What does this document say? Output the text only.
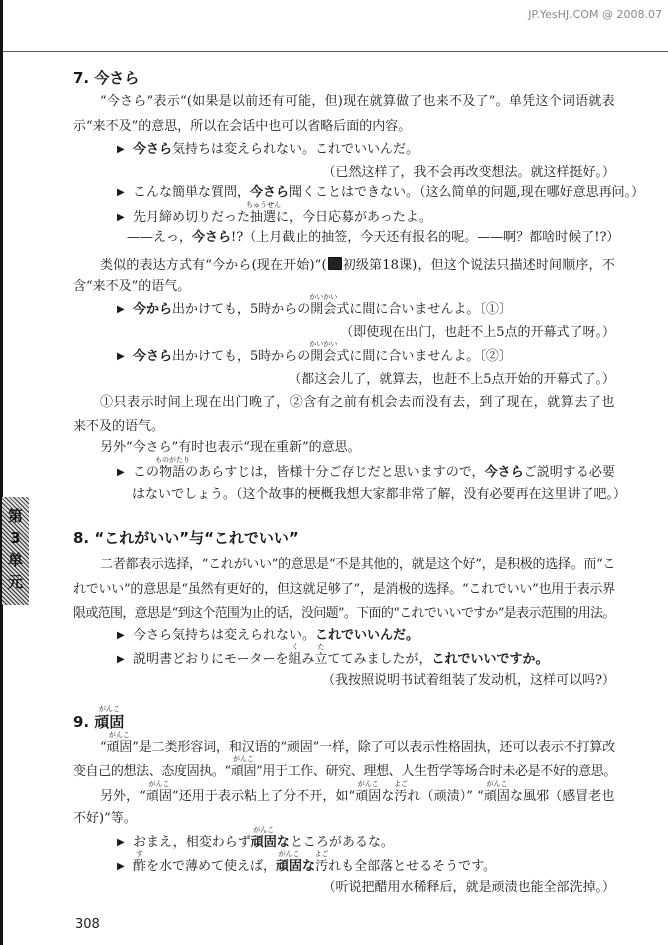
JP.YesHJ.COM @ 2008.07
第3单元
7. 今さら
“今さら”表示“(如果是以前还有可能，但)现在就算做了也来不及了”。单凭这个词语就表
示“来不及”的意思，所以在会话中也可以省略后面的内容。
▶ 今さら気持ちは変えられない。これでいいんだ。
（已然这样了，我不会再改变想法。就这样挺好。）
▶ こんな簡単な質問，今さら聞くことはできない。（这么简单的问题,现在哪好意思再问。）
▶ 先月締め切りだった抽選
ちゅうせん
に，今日応募があったよ。
——えっ，今さら!?（上月截止的抽签，今天还有报名的呢。——啊？都啥时候了!?）
类似的表达方式有“今から(现在开始)”( 初级第18课)，但这个说法只描述时间顺序，不
含“来不及”的语气。
▶ 今から出かけても，5時からの開会
かいかい
式に間に合いませんよ。〔①〕
（即使现在出门，也赶不上5点的开幕式了呀。）
▶ 今さら出かけても，5時からの開会
かいかい
式に間に合いませんよ。〔②〕
（都这会儿了，就算去，也赶不上5点开始的开幕式了。）
①只表示时间上现在出门晚了，②含有之前有机会去而没有去，到了现在，就算去了也
来不及的语气。
另外“今さら”有时也表示“现在重新”的意思。
▶ この物語
ものがたり
のあらすじは，皆様十分ご存じだと思いますので，今さらご説明する必要
はないでしょう。（这个故事的梗概我想大家都非常了解，没有必要再在这里讲了吧。）
8. “これがいい”与“これでいい”
二者都表示选择，“これがいい”的意思是“不是其他的，就是这个好”，是积极的选择。而“こ
れでいい”的意思是“虽然有更好的，但这就足够了”，是消极的选择。“これでいい”也用于表示界
限或范围，意思是“到这个范围为止的话，没问题”。下面的“これでいいですか”是表示范围的用法。
▶ 今さら気持ちは変えられない。これでいいんだ。
▶ 説明書どおりにモーターを組
く
み立
た
ててみましたが，これでいいですか。
（我按照说明书试着组装了发动机，这样可以吗?）
9. 頑固
がんこ
“頑固
がんこ
”是二类形容词，和汉语的“顽固”一样，除了可以表示性格固执，还可以表示不打算改
变自己的想法、态度固执。“頑固
がんこ
”用于工作、研究、理想、人生哲学等场合时未必是不好的意思。
另外，“頑固
がんこ
”还用于表示粘上了分不开，如“頑固
がんこ
な汚
よご
れ（顽渍）” “頑固
がんこ
な風邪（感冒老也
不好)”等。
▶ おまえ，相変わらず頑固
がんこ
なところがあるな。
▶ 酢
す
を水で薄めて使えば，頑固
がんこ
な汚
よご
れも全部落とせるそうです。
（听说把醋用水稀释后，就是顽渍也能全部洗掉。）
308
